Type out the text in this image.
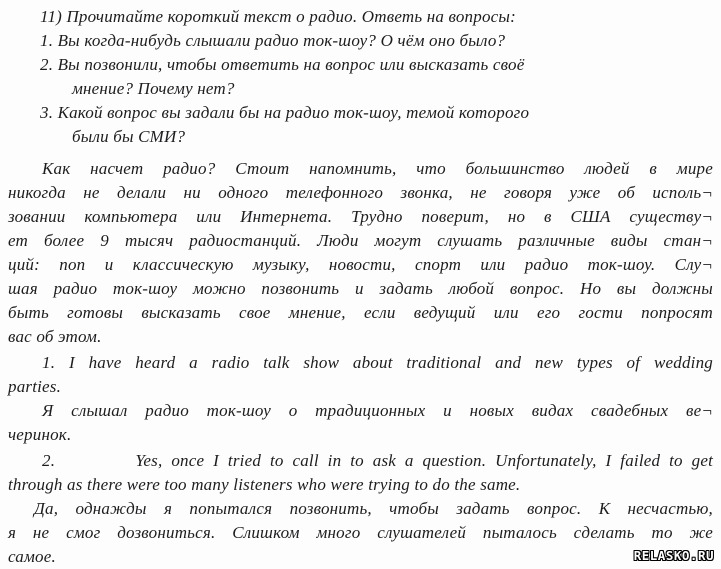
11) Прочитайте короткий текст о радио. Ответь на вопросы:
1. Вы когда-нибудь слышали радио ток-шоу? О чём оно было?
2. Вы позвонили, чтобы ответить на вопрос или высказать своё
мнение? Почему нет?
3. Какой вопрос вы задали бы на радио ток-шоу, темой которого
были бы СМИ?
Как насчет радио? Стоит напомнить, что большинство людей в мире
никогда не делали ни одного телефонного звонка, не говоря уже об исполь¬
зовании компьютера или Интернета. Трудно поверит, но в США существу¬
ет более 9 тысяч радиостанций. Люди могут слушать различные виды стан¬
ций: поп и классическую музыку, новости, спорт или радио ток-шоу. Слу¬
шая радио ток-шоу можно позвонить и задать любой вопрос. Но вы должны
быть готовы высказать свое мнение, если ведущий или его гости попросят
вас об этом.
1. I have heard a radio talk show about traditional and new types of wedding
parties.
Я слышал радио ток-шоу о традиционных и новых видах свадебных ве¬
черинок.
2.         Yes, once I tried to call in to ask a question. Unfortunately, I failed to get
through as there were too many listeners who were trying to do the same.
Да, однажды я попытался позвонить, чтобы задать вопрос. К несчастью,
я не смог дозвониться. Слишком много слушателей пыталось сделать то же
самое.	RELASKO.RU
